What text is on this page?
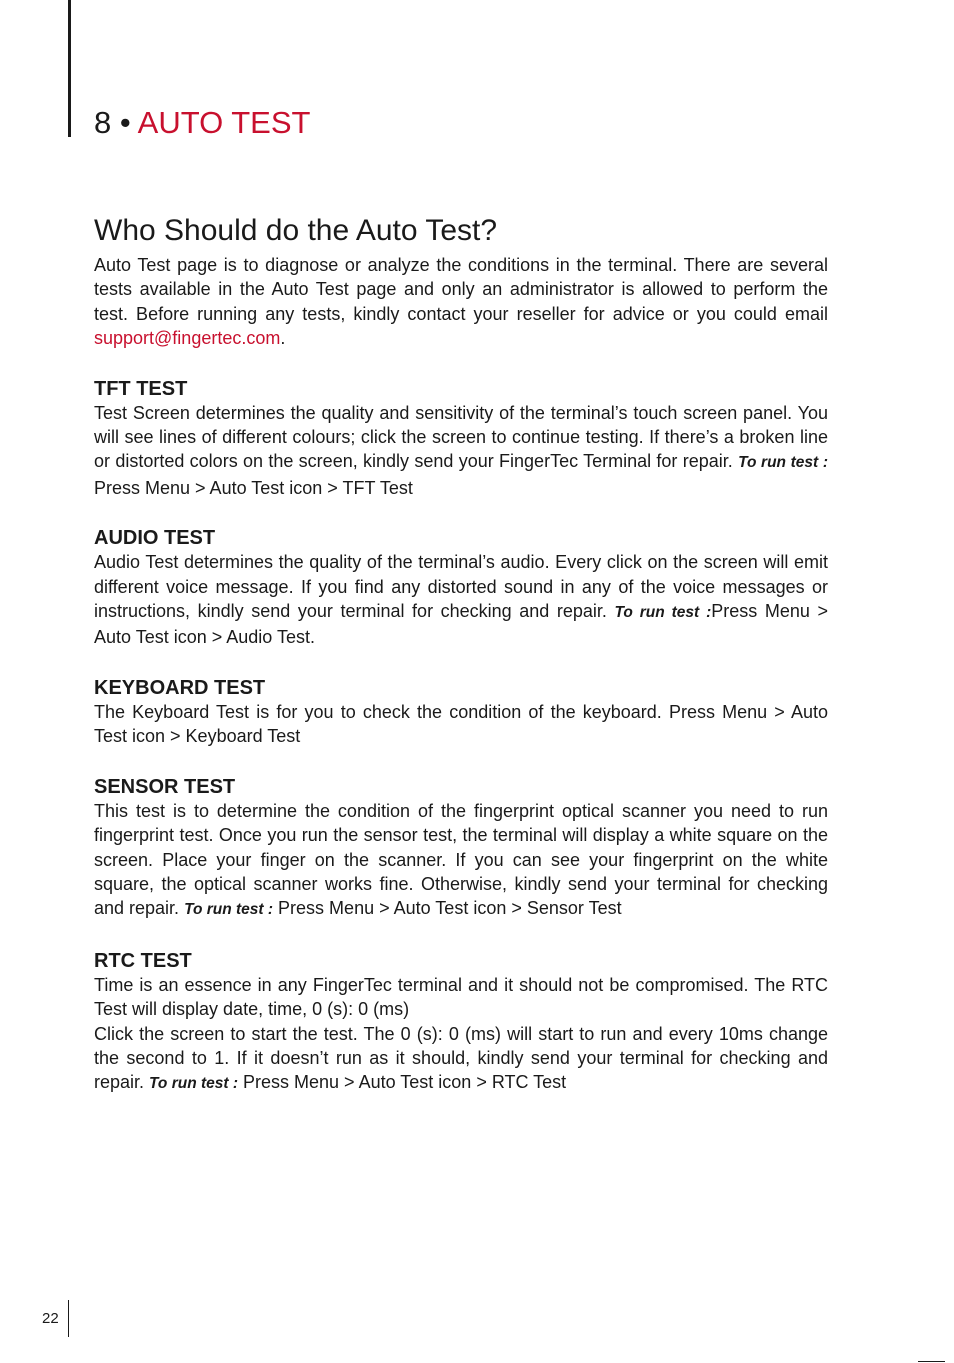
8 • AUTO TEST
Who Should do the Auto Test?

Auto Test page is to diagnose or analyze the conditions in the terminal. There are several tests available in the Auto Test page and only an administrator is allowed to perform the test. Before running any tests, kindly contact your reseller for advice or you could email support@fingertec.com.

TFT TEST

Test Screen determines the quality and sensitivity of the terminal’s touch screen panel. You will see lines of different colours; click the screen to continue testing. If there’s a broken line or distorted colors on the screen, kindly send your FingerTec Terminal for repair. To run test : Press Menu > Auto Test icon > TFT Test

AUDIO TEST

Audio Test determines the quality of the terminal’s audio. Every click on the screen will emit different voice message. If you find any distorted sound in any of the voice messages or instructions, kindly send your terminal for checking and repair. To run test :Press Menu > Auto Test icon > Audio Test.

KEYBOARD TEST

The Keyboard Test is for you to check the condition of the keyboard. Press Menu > Auto Test icon > Keyboard Test

SENSOR TEST

This test is to determine the condition of the fingerprint optical scanner you need to run fingerprint test. Once you run the sensor test, the terminal will display a white square on the screen. Place your finger on the scanner. If you can see your fingerprint on the white square, the optical scanner works fine. Otherwise, kindly send your terminal for checking and repair. To run test : Press Menu > Auto Test icon > Sensor Test

RTC TEST

Time is an essence in any FingerTec terminal and it should not be compromised. The RTC Test will display date, time, 0 (s): 0 (ms)

Click the screen to start the test. The 0 (s): 0 (ms) will start to run and every 10ms change the second to 1. If it doesn’t run as it should, kindly send your terminal for checking and repair. To run test : Press Menu > Auto Test icon > RTC Test

22
